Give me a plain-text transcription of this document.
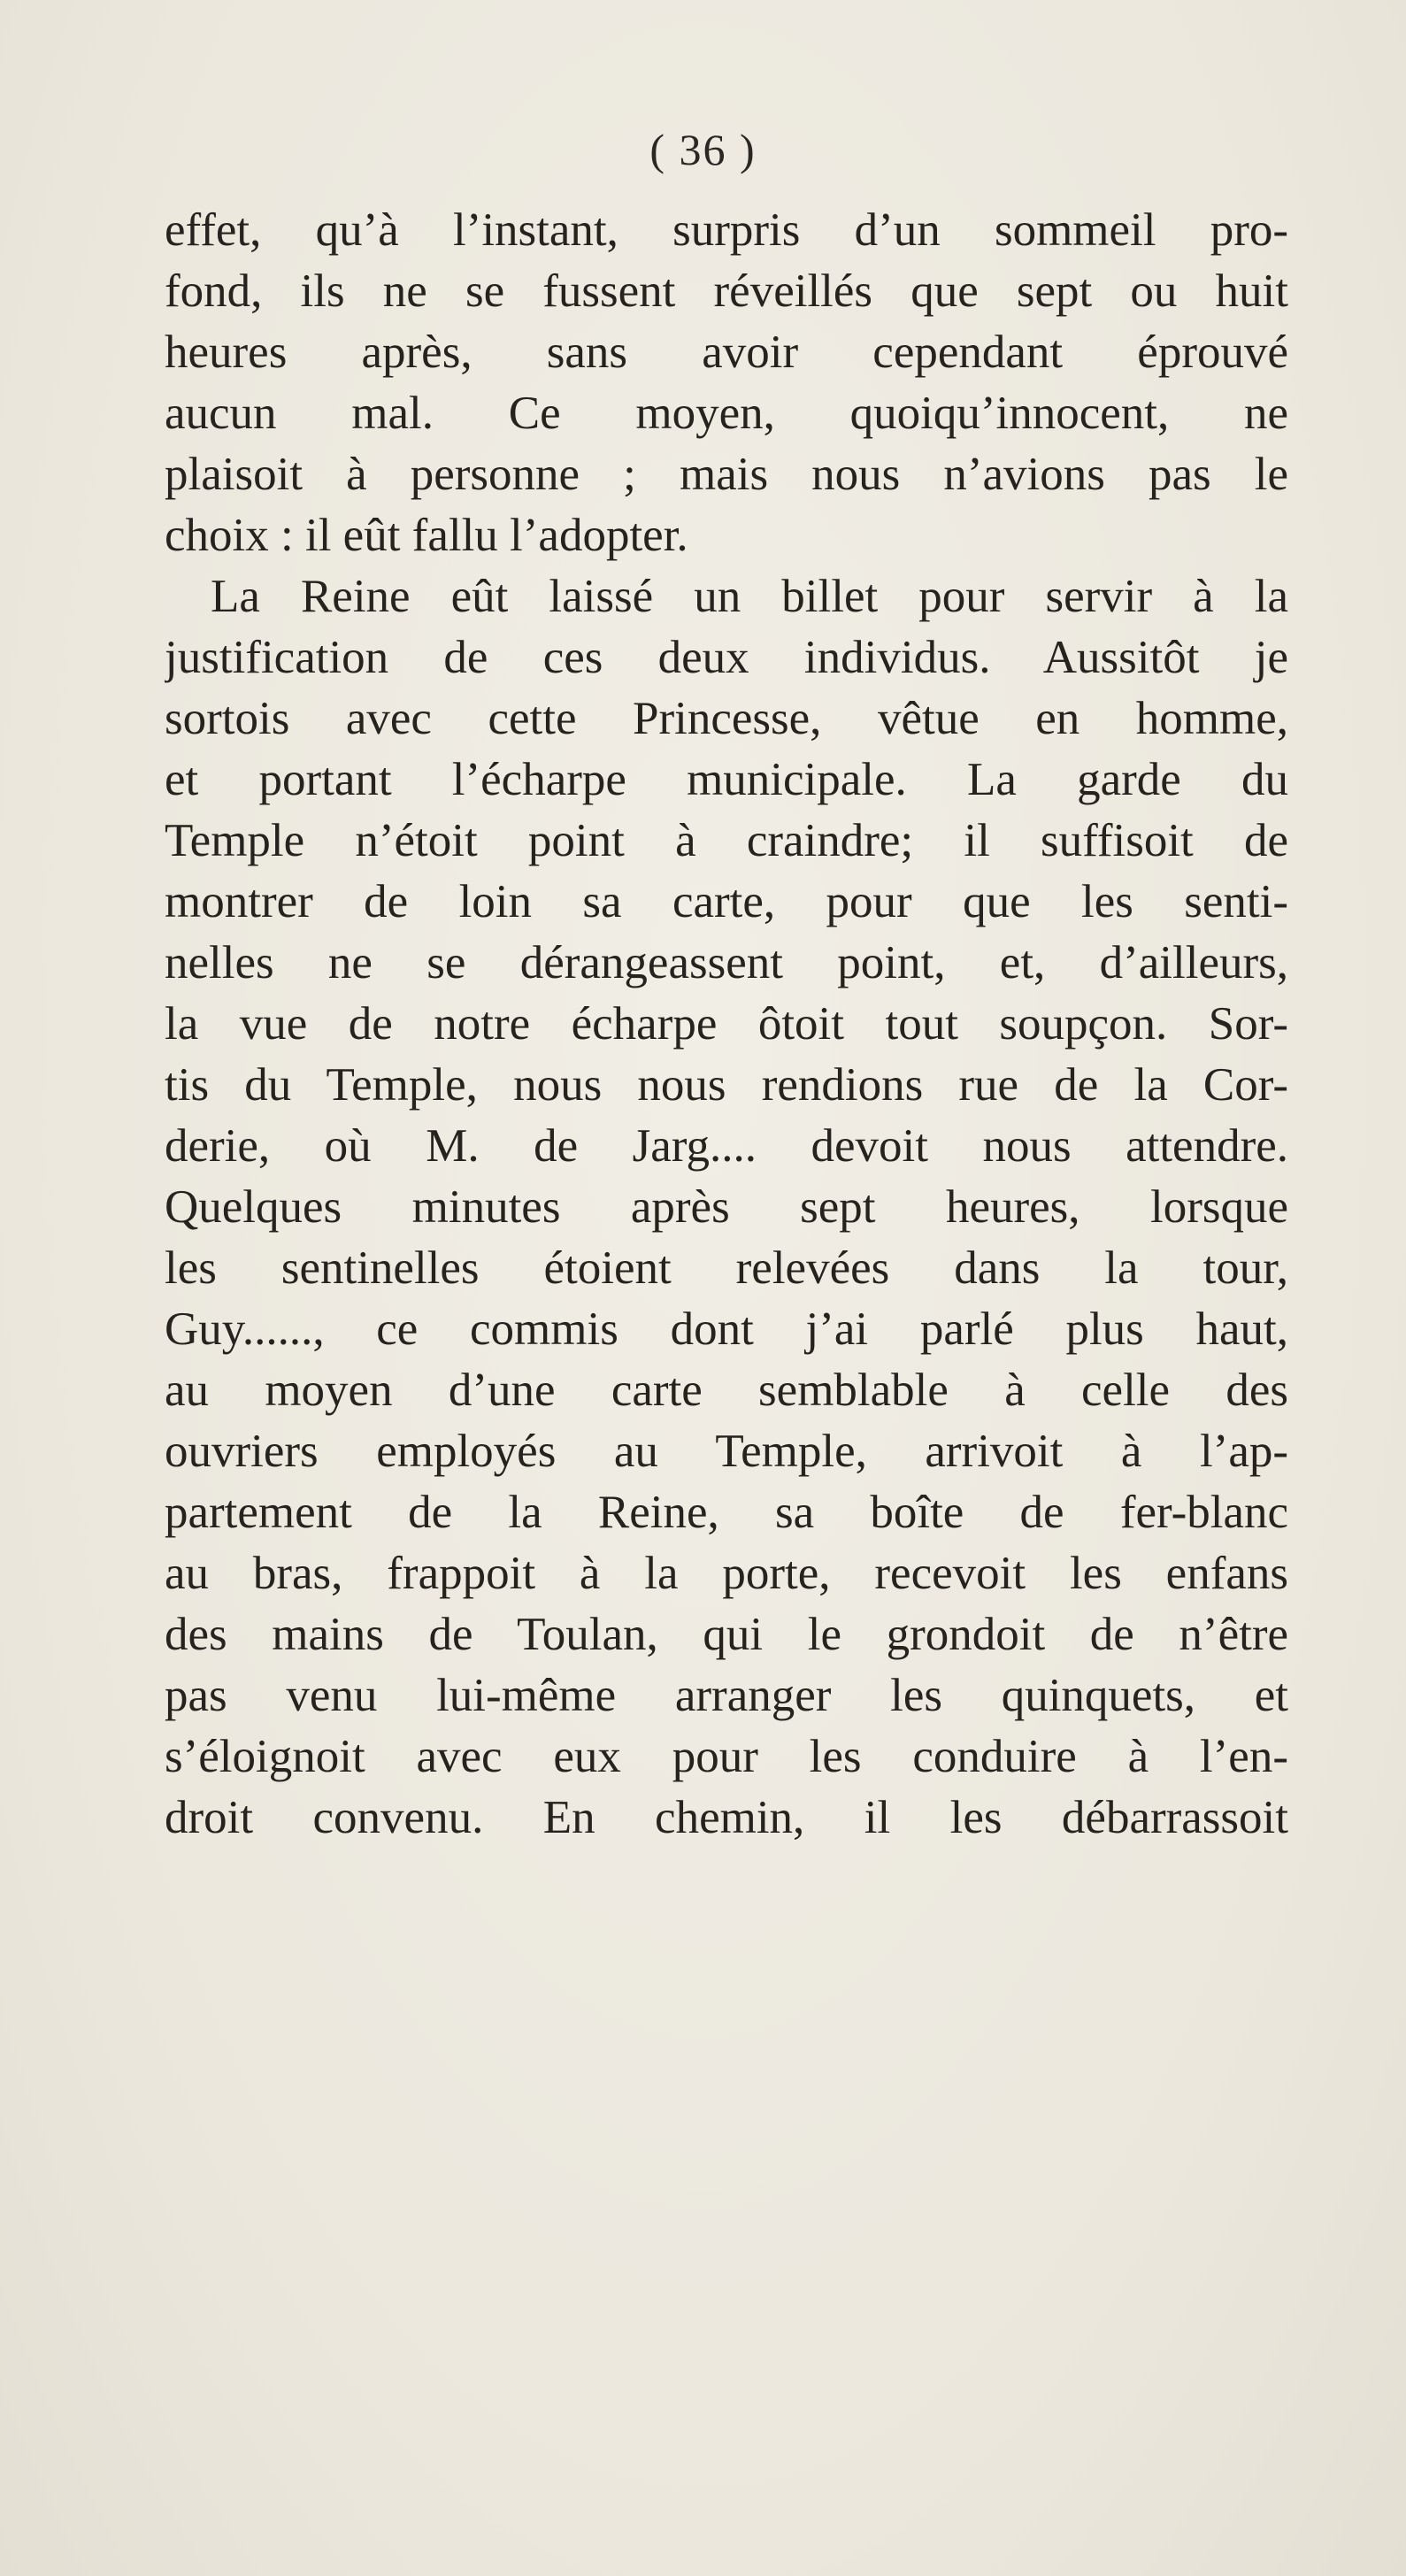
( 36 )
effet, qu’à l’instant, surpris d’un sommeil pro-
fond, ils ne se fussent réveillés que sept ou huit
heures après, sans avoir cependant éprouvé
aucun mal. Ce moyen, quoiqu’innocent, ne
plaisoit à personne ; mais nous n’avions pas le
choix : il eût fallu l’adopter.
La Reine eût laissé un billet pour servir à la
justification de ces deux individus. Aussitôt je
sortois avec cette Princesse, vêtue en homme,
et portant l’écharpe municipale. La garde du
Temple n’étoit point à craindre; il suffisoit de
montrer de loin sa carte, pour que les senti-
nelles ne se dérangeassent point, et, d’ailleurs,
la vue de notre écharpe ôtoit tout soupçon. Sor-
tis du Temple, nous nous rendions rue de la Cor-
derie, où M. de Jarg.... devoit nous attendre.
Quelques minutes après sept heures, lorsque
les sentinelles étoient relevées dans la tour,
Guy......, ce commis dont j’ai parlé plus haut,
au moyen d’une carte semblable à celle des
ouvriers employés au Temple, arrivoit à l’ap-
partement de la Reine, sa boîte de fer-blanc
au bras, frappoit à la porte, recevoit les enfans
des mains de Toulan, qui le grondoit de n’être
pas venu lui-même arranger les quinquets, et
s’éloignoit avec eux pour les conduire à l’en-
droit convenu. En chemin, il les débarrassoit
